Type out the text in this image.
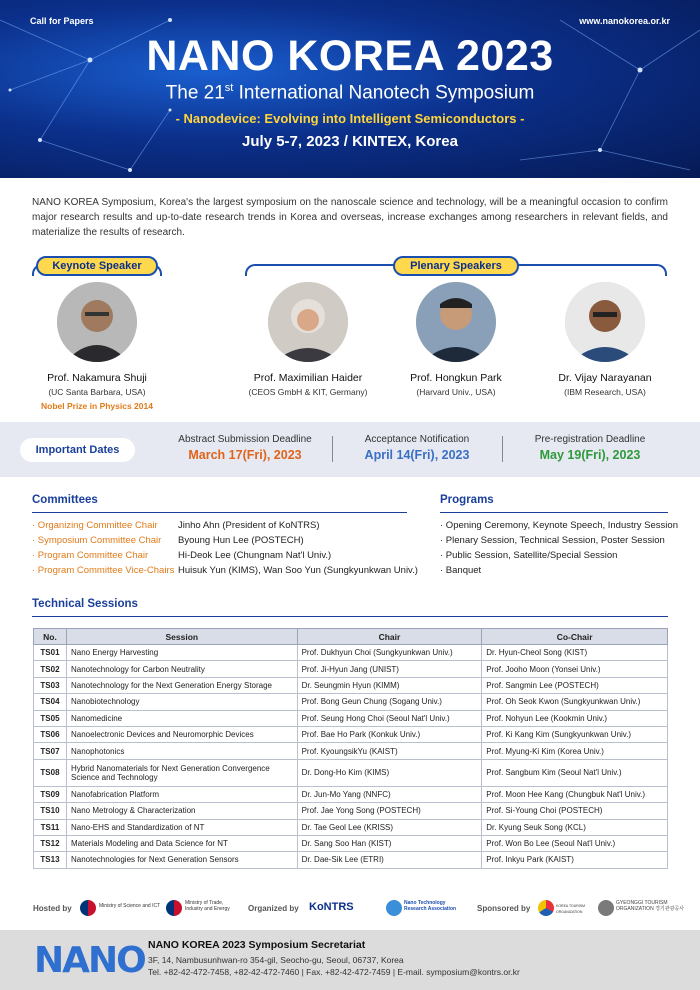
Call for Papers	www.nanokorea.or.kr
NANO KOREA 2023
The 21st International Nanotech Symposium
- Nanodevice: Evolving into Intelligent Semiconductors -
July 5-7, 2023 / KINTEX, Korea
NANO KOREA Symposium, Korea's the largest symposium on the nanoscale science and technology, will be a meaningful occasion to confirm major research results and up-to-date research trends in Korea and overseas, increase exchanges among researchers in relevant fields, and materialize the results of research.
Keynote Speaker	Plenary Speakers
Prof. Nakamura Shuji
(UC Santa Barbara, USA)
Nobel Prize in Physics 2014
Prof. Maximilian Haider
(CEOS GmbH & KIT, Germany)
Prof. Hongkun Park
(Harvard Univ., USA)
Dr. Vijay Narayanan
(IBM Research, USA)
Important Dates
Abstract Submission Deadline
March 17(Fri), 2023
Acceptance Notification
April 14(Fri), 2023
Pre-registration Deadline
May 19(Fri), 2023
Committees
· Organizing Committee Chair Jinho Ahn (President of KoNTRS)
· Symposium Committee Chair Byoung Hun Lee (POSTECH)
· Program Committee Chair	Hi-Deok Lee (Chungnam Nat'l Univ.)
· Program Committee Vice-Chairs Huisuk Yun (KIMS), Wan Soo Yun (Sungkyunkwan Univ.)
Programs
· Opening Ceremony, Keynote Speech, Industry Session
· Plenary Session, Technical Session, Poster Session
· Public Session, Satellite/Special Session
· Banquet
Technical Sessions
No.	Session	Chair	Co-Chair
TS01	Nano Energy Harvesting	Prof. Dukhyun Choi (Sungkyunkwan Univ.)	Dr. Hyun-Cheol Song (KIST)
TS02	Nanotechnology for Carbon Neutrality	Prof. Ji-Hyun Jang (UNIST)	Prof. Jooho Moon (Yonsei Univ.)
TS03	Nanotechnology for the Next Generation Energy Storage	Dr. Seungmin Hyun (KIMM)	Prof. Sangmin Lee (POSTECH)
TS04	Nanobiotechnology	Prof. Bong Geun Chung (Sogang Univ.)	Prof. Oh Seok Kwon (Sungkyunkwan Univ.)
TS05	Nanomedicine	Prof. Seung Hong Choi (Seoul Nat'l Univ.)	Prof. Nohyun Lee (Kookmin Univ.)
TS06	Nanoelectronic Devices and Neuromorphic Devices	Prof. Bae Ho Park (Konkuk Univ.)	Prof. Ki Kang Kim (Sungkyunkwan Univ.)
TS07	Nanophotonics	Prof. KyoungsikYu (KAIST)	Prof. Myung-Ki Kim (Korea Univ.)
TS08	Hybrid Nanomaterials for Next Generation Convergence Science and Technology	Dr. Dong-Ho Kim (KIMS)	Prof. Sangbum Kim (Seoul Nat'l Univ.)
TS09	Nanofabrication Platform	Dr. Jun-Mo Yang (NNFC)	Prof. Moon Hee Kang (Chungbuk Nat'l Univ.)
TS10	Nano Metrology & Characterization	Prof. Jae Yong Song (POSTECH)	Prof. Si-Young Choi (POSTECH)
TS11	Nano-EHS and Standardization of NT	Dr. Tae Geol Lee (KRISS)	Dr. Kyung Seuk Song (KCL)
TS12	Materials Modeling and Data Science for NT	Dr. Sang Soo Han (KIST)	Prof. Won Bo Lee (Seoul Nat'l Univ.)
TS13	Nanotechnologies for Next Generation Sensors	Dr. Dae-Sik Lee (ETRI)	Prof. Inkyu Park (KAIST)
Hosted by	Ministry of Science and ICT	Ministry of Trade,
Industry and Energy Organized by KoNTRS	Nano Technology
Research Association	Sponsored by	KOREA TOURISM ORGANIZATION
GYEONGGI TOURISM
ORGANIZATION 경기관광공사
NANO NANO KOREA 2023 Symposium Secretariat
3F, 14, Nambusunhwan-ro 354-gil, Seocho-gu, Seoul, 06737, Korea
Tel. +82-42-472-7458, +82-42-472-7460 | Fax. +82-42-472-7459 | E-mail. symposium@kontrs.or.kr
